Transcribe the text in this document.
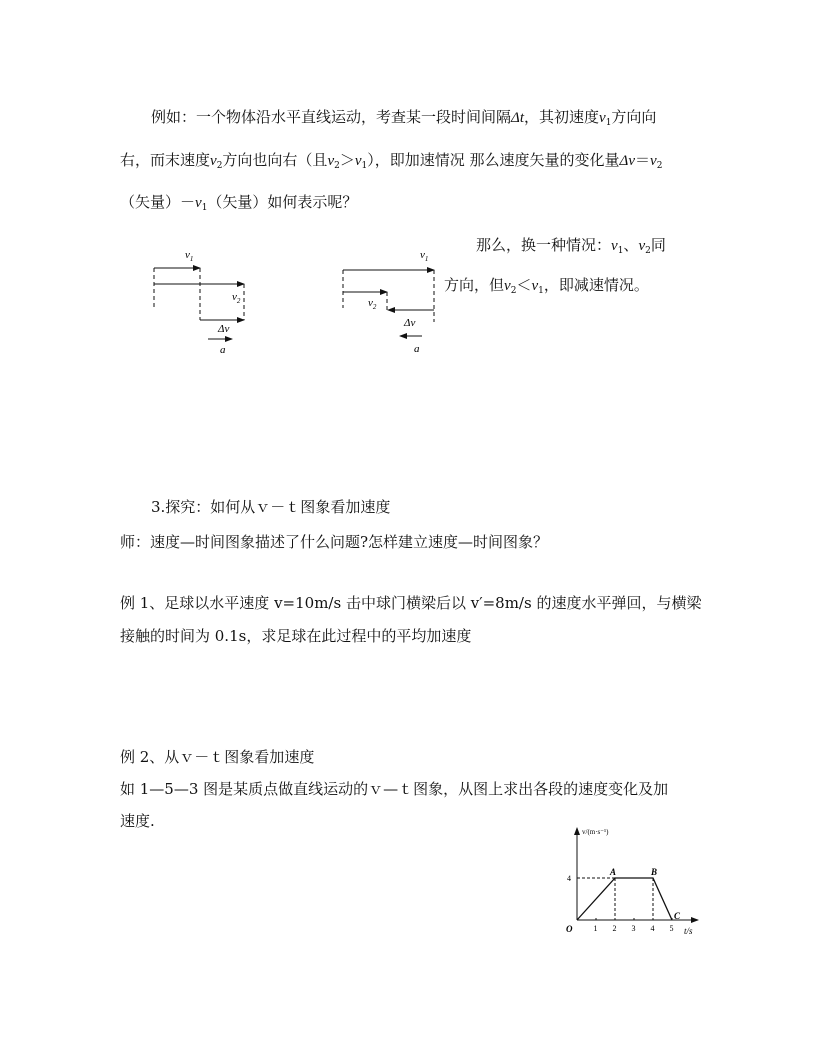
例如：一个物体沿水平直线运动，考查某一段时间间隔Δt，其初速度$v_1$方向向
右，而末速度$v_2$方向也向右（且$v_2>v_1$），即加速情况 那么速度矢量的变化量$\Delta v=v_2$
（矢量）$-v_1$（矢量）如何表示呢？
那么，换一种情况：$v_1$、$v_2$同
方向，但$v_2<v_1$，即减速情况。
$v_1$
$v_2$
Δv
a
$v_1$
$v_2$
Δv
a
3.探究：如何从ｖ－ｔ图象看加速度
师：速度—时间图象描述了什么问题?怎样建立速度—时间图象？
例 1、足球以水平速度 v=10m/s 击中球门横梁后以 v′=8m/s 的速度水平弹回，与横梁
接触的时间为 0.1s，求足球在此过程中的平均加速度
例 2、从ｖ－ｔ图象看加速度
如 1—5—3 图是某质点做直线运动的ｖ—ｔ图象，从图上求出各段的速度变化及加
速度.
v/(m·s⁻¹)
t/s
1 2 3 4 5
4
O
A	B
C
